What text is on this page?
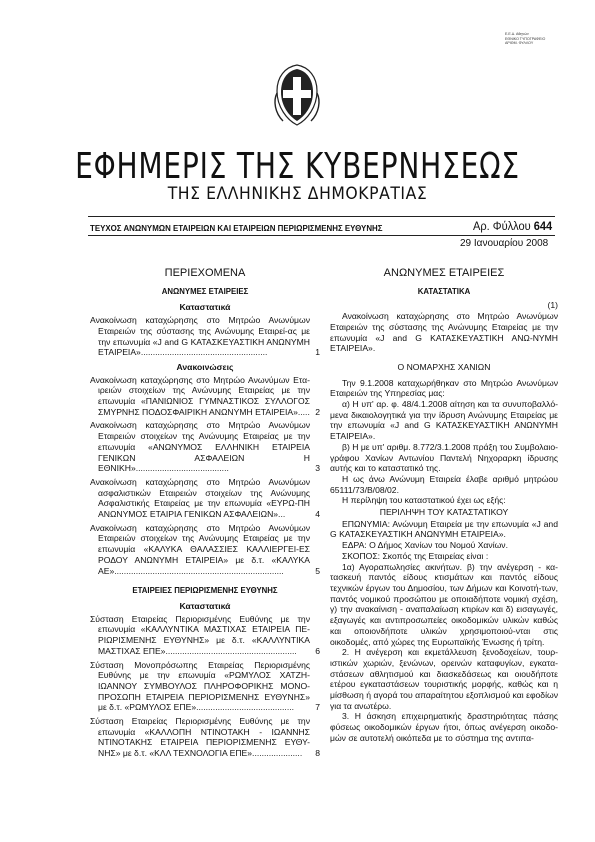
Ε.Ε.Δ. Αθηνών
ΕΘΝΙΚΟ ΤΥΠΟΓΡΑΦΕΙΟ
ΑΡΙΘΜ. ΦΥΛΛΟΥ
ΕΦΗΜΕΡΙΣ ΤΗΣ ΚΥΒΕΡΝΗΣΕΩΣ
ΤΗΣ ΕΛΛΗΝΙΚΗΣ ΔΗΜΟΚΡΑΤΙΑΣ
ΤΕΥΧΟΣ ΑΝΩΝΥΜΩΝ ΕΤΑΙΡΕΙΩΝ ΚΑΙ ΕΤΑΙΡΕΙΩΝ ΠΕΡΙΩΡΙΣΜΕΝΗΣ ΕΥΘΥΝΗΣ	Αρ. Φύλλου 644
29 Ιανουαρίου 2008

ΠΕΡΙΕΧΟΜΕΝΑ

ΑΝΩΝΥΜΕΣ ΕΤΑΙΡΕΙΕΣ

Καταστατικά

Ανακοίνωση καταχώρησης στο Μητρώο Ανωνύμων Εταιρειών της σύστασης της Ανώνυμης Εταιρεί-ας με την επωνυμία «J and G ΚΑΤΑΣΚΕΥΑΣΤΙΚΗ ΑΝΩΝΥΜΗ ΕΤΑΙΡΕΙΑ».....................................................	1

Ανακοινώσεις

Ανακοίνωση καταχώρησης στο Μητρώο Ανωνύμων Ετα-ιρειών στοιχείων της Ανώνυμης Εταιρείας με την επωνυμία «ΠΑΝΙΩΝΙΟΣ ΓΥΜΝΑΣΤΙΚΟΣ ΣΥΛΛΟΓΟΣ ΣΜΥΡΝΗΣ ΠΟΔΟΣΦΑΙΡΙΚΗ ΑΝΩΝΥΜΗ ΕΤΑΙΡΕΙΑ»..... 2
Ανακοίνωση καταχώρησης στο Μητρώο Ανωνύμων Εταιρειών στοιχείων της Ανώνυμης Εταιρείας με την επωνυμία «ΑΝΩΝΥΜΟΣ ΕΛΛΗΝΙΚΗ ΕΤΑΙΡΕΙΑ ΓΕΝΙΚΩΝ ΑΣΦΑΛΕΙΩΝ Η ΕΘΝΙΚΗ».......................................	3
Ανακοίνωση καταχώρησης στο Μητρώο Ανωνύμων ασφαλιστικών Εταιρειών στοιχείων της Ανώνυμης Ασφαλιστικής Εταιρείας με την επωνυμία «ΕΥΡΩ-ΠΗ ΑΝΩΝΥΜΟΣ ΕΤΑΙΡΙΑ ΓΕΝΙΚΩΝ ΑΣΦΑΛΕΙΩΝ»...	4
Ανακοίνωση καταχώρησης στο Μητρώο Ανωνύμων Εταιρειών στοιχείων της Ανώνυμης Εταιρείας με την επωνυμία «ΚΑΛΥΚΑ ΘΑΛΑΣΣΙΕΣ ΚΑΛΛΙΕΡΓΕΙ-ΕΣ ΡΟΔΟΥ ΑΝΩΝΥΜΗ ΕΤΑΙΡΕΙΑ» με δ.τ. «ΚΑΛΥΚΑ ΑΕ».......................................................................	5

ΕΤΑΙΡΕΙΕΣ ΠΕΡΙΩΡΙΣΜΕΝΗΣ ΕΥΘΥΝΗΣ

Καταστατικά

Σύσταση Εταιρείας Περιορισμένης Ευθύνης με την επωνυμία «ΚΑΛΛΥΝΤΙΚΑ ΜΑΣΤΙΧΑΣ ΕΤΑΙΡΕΙΑ ΠΕ-ΡΙΩΡΙΣΜΕΝΗΣ ΕΥΘΥΝΗΣ» με δ.τ. «ΚΑΛΛΥΝΤΙΚΑ ΜΑΣΤΙΧΑΣ ΕΠΕ».......................................................	6
Σύσταση Μονοπρόσωπης Εταιρείας Περιορισμένης Ευθύνης με την επωνυμία «ΡΩΜΥΛΟΣ ΧΑΤΖΗ-ΙΩΑΝΝΟΥ ΣΥΜΒΟΥΛΟΣ ΠΛΗΡΟΦΟΡΙΚΗΣ ΜΟΝΟ-ΠΡΟΣΩΠΗ ΕΤΑΙΡΕΙΑ ΠΕΡΙΟΡΙΣΜΕΝΗΣ ΕΥΘΥΝΗΣ» με δ.τ. «ΡΩΜΥΛΟΣ ΕΠΕ».........................................	7
Σύσταση Εταιρείας Περιορισμένης Ευθύνης με την επωνυμία «ΚΑΛΛΟΠΗ ΝΤΙΝΟΤΑΚΗ - ΙΩΑΝΝΗΣ ΝΤΙΝΟΤΑΚΗΣ ΕΤΑΙΡΕΙΑ ΠΕΡΙΟΡΙΣΜΕΝΗΣ ΕΥΘΥ-ΝΗΣ» με δ.τ. «ΚΛΛ ΤΕΧΝΟΛΟΓΙΑ ΕΠΕ».....................	8

ΑΝΩΝΥΜΕΣ ΕΤΑΙΡΕΙΕΣ

ΚΑΤΑΣΤΑΤΙΚΑ

(1)

Ανακοίνωση καταχώρησης στο Μητρώο Ανωνύμων Εταιρειών της σύστασης της Ανώνυμης Εταιρείας με την επωνυμία «J and G ΚΑΤΑΣΚΕΥΑΣΤΙΚΗ ΑΝΩ-ΝΥΜΗ ΕΤΑΙΡΕΙΑ».

Ο ΝΟΜΑΡΧΗΣ ΧΑΝΙΩΝ

Την 9.1.2008 καταχωρήθηκαν στο Μητρώο Ανωνύμων Εταιρειών της Υπηρεσίας μας:

α) Η υπ' αρ. φ. 48/4.1.2008 αίτηση και τα συνυποβαλλό-μενα δικαιολογητικά για την ίδρυση Ανώνυμης Εταιρείας με την επωνυμία «J and G ΚΑΤΑΣΚΕΥΑΣΤΙΚΗ ΑΝΩΝΥΜΗ ΕΤΑΙΡΕΙΑ».

β) Η με υπ' αριθμ. 8.772/3.1.2008 πράξη του Συμβολαιο-γράφου Χανίων Αντωνίου Παντελή Νηχοραρκη ίδρυσης αυτής και το καταστατικό της.

Η ως άνω Ανώνυμη Εταιρεία έλαβε αριθμό μητρώου 65111/73/Β/08/02.

Η περίληψη του καταστατικού έχει ως εξής:

ΠΕΡΙΛΗΨΗ ΤΟΥ ΚΑΤΑΣΤΑΤΙΚΟΥ

ΕΠΩΝΥΜΙΑ: Ανώνυμη Εταιρεία με την επωνυμία «J and G ΚΑΤΑΣΚΕΥΑΣΤΙΚΗ ΑΝΩΝΥΜΗ ΕΤΑΙΡΕΙΑ».

ΕΔΡΑ: Ο Δήμος Χανίων του Νομού Χανίων.

ΣΚΟΠΟΣ: Σκοπός της Εταιρείας είναι :

1α) Αγοραπωλησίες ακινήτων. β) την ανέγερση - κα-τασκευή παντός είδους κτισμάτων και παντός είδους τεχνικών έργων του Δημοσίου, των Δήμων και Κοινοτή-των, παντός νομικού προσώπου με οποιαδήποτε νομική σχέση, γ) την ανακαίνιση - αναπαλαίωση κτιρίων και δ) εισαγωγές, εξαγωγές και αντιπροσωπείες οικοδομικών υλικών καθώς και οποιονδήποτε υλικών χρησιμοποιού-νται στις οικοδομές, από χώρες της Ευρωπαϊκής Ένωσης ή τρίτη.

2. Η ανέγερση και εκμετάλλευση ξενοδοχείων, τουρ-ιστικών χωριών, ξενώνων, ορεινών καταφυγίων, εγκατα-στάσεων αθλητισμού και διασκεδάσεως και οιουδήποτε ετέρου εγκαταστάσεων τουριστικής μορφής, καθώς και η μίσθωση ή αγορά του απαραίτητου εξοπλισμού και εφοδίων για τα ανωτέρω.

3. Η άσκηση επιχειρηματικής δραστηριότητας πάσης φύσεως οικοδομικών έργων ήτοι, όπως ανέγερση οικοδο-μών σε αυτοτελή οικόπεδα με το σύστημα της αντιπα-
